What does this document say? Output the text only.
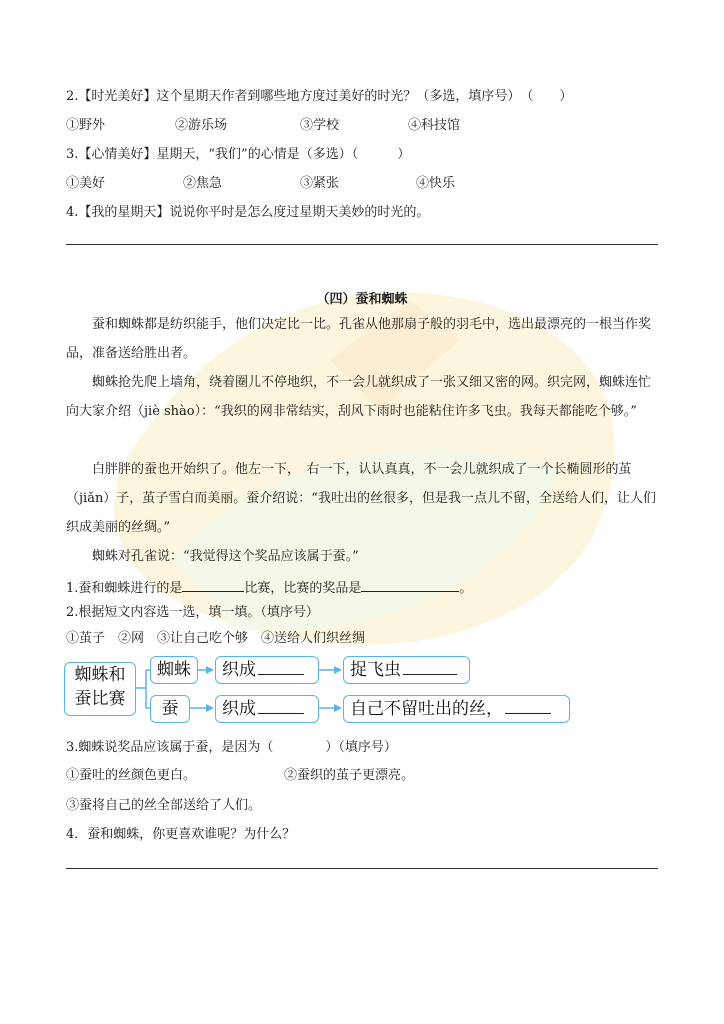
2.【时光美好】这个星期天作者到哪些地方度过美好的时光？（多选，填序号）　（　　）
①野外	②游乐场	③学校	④科技馆
3.【心情美好】星期天，“我们”的心情是（多选）（　　　）
①美好	②焦急	③紧张	④快乐
4.【我的星期天】说说你平时是怎么度过星期天美妙的时光的。
（四）蚕和蜘蛛
蚕和蜘蛛都是纺织能手，他们决定比一比。孔雀从他那扇子般的羽毛中，选出最漂亮的一根当作奖品，准备送给胜出者。
蜘蛛抢先爬上墙角，绕着圈儿不停地织，不一会儿就织成了一张又细又密的网。织完网，蜘蛛连忙向大家介绍（jiè shào）：“我织的网非常结实，刮风下雨时也能粘住许多飞虫。我每天都能吃个够。”
白胖胖的蚕也开始织了。他左一下，　右一下，认认真真，不一会儿就织成了一个长椭圆形的茧（jiǎn）子，茧子雪白而美丽。蚕介绍说：“我吐出的丝很多，但是我一点儿不留，全送给人们，让人们织成美丽的丝绸。”
蜘蛛对孔雀说：“我觉得这个奖品应该属于蚕。”
1.蚕和蜘蛛进行的是	比赛，比赛的奖品是	。
2.根据短文内容选一选，填一填。（填序号）
①茧子　②网　③让自己吃个够　④送给人们织丝绸
蜘蛛和
蚕比赛
蜘蛛
蚕
织成
织成
捉飞虫
自己不留吐出的丝，
3.蜘蛛说奖品应该属于蚕，是因为（　　　　）（填序号）
①蚕吐的丝颜色更白。	②蚕织的茧子更漂亮。
③蚕将自己的丝全部送给了人们。
4．蚕和蜘蛛，你更喜欢谁呢？为什么？
